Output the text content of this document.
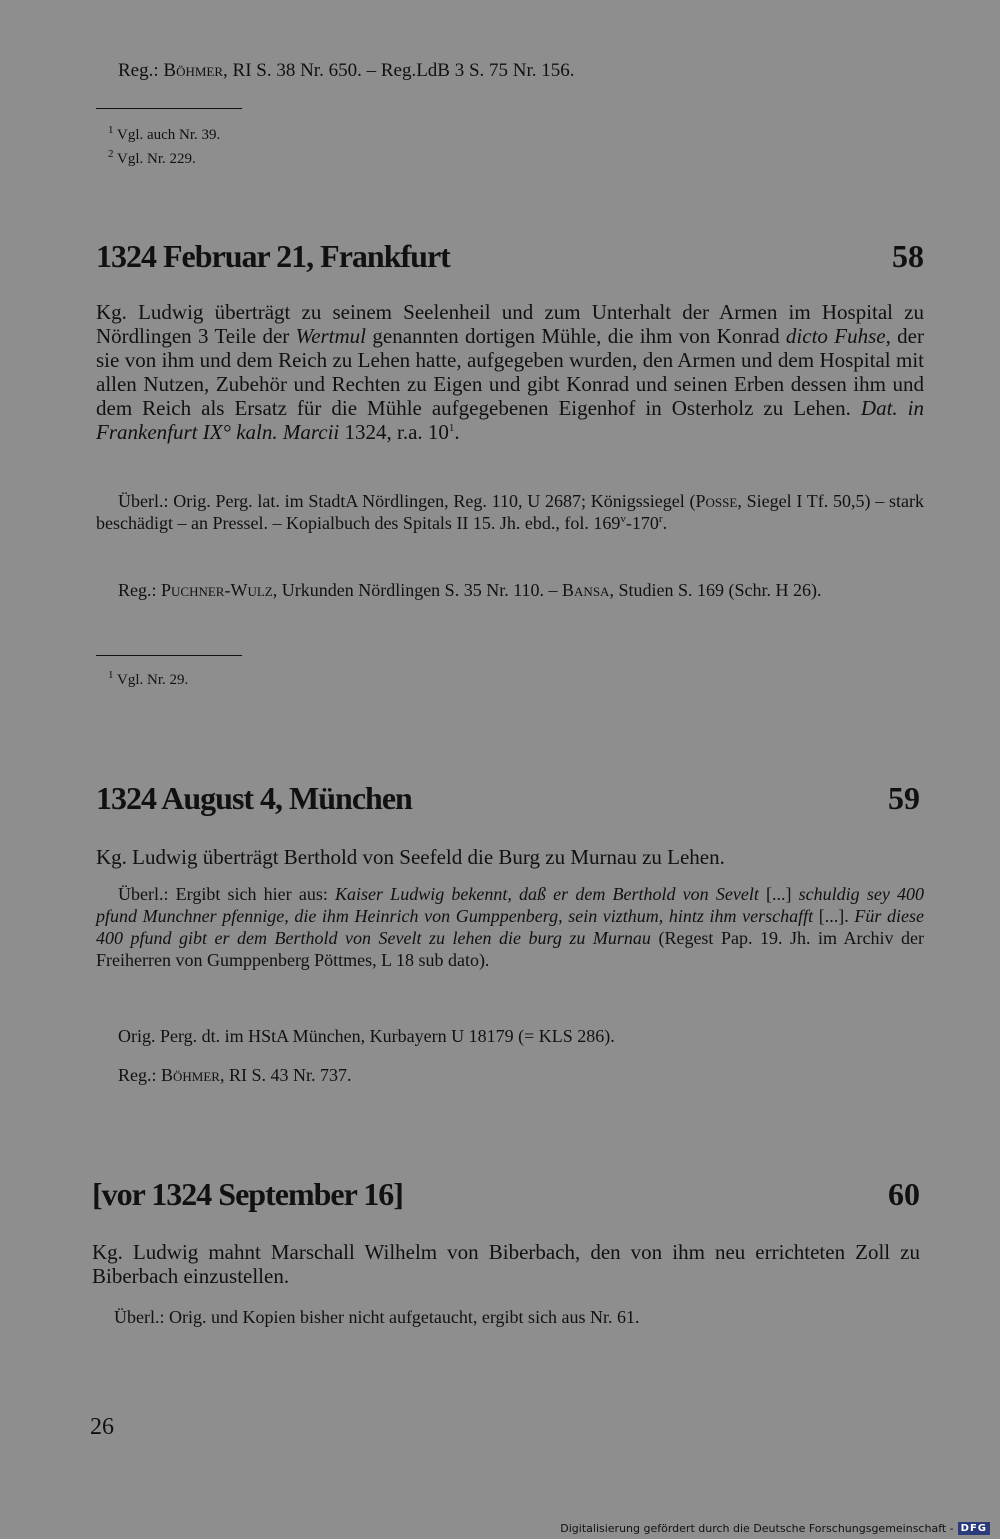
Reg.: Böhmer, RI S. 38 Nr. 650. – Reg.LdB 3 S. 75 Nr. 156.
$^1$ Vgl. auch Nr. 39.
$^2$ Vgl. Nr. 229.
1324 Februar 21, Frankfurt	58
Kg. Ludwig überträgt zu seinem Seelenheil und zum Unterhalt der Armen im Hospital zu Nördlingen 3 Teile der Wertmul genannten dortigen Mühle, die ihm von Konrad dicto Fuhse, der sie von ihm und dem Reich zu Lehen hatte, aufgegeben wurden, den Armen und dem Hospital mit allen Nutzen, Zubehör und Rechten zu Eigen und gibt Konrad und seinen Erben dessen ihm und dem Reich als Ersatz für die Mühle aufgegebenen Eigenhof in Osterholz zu Lehen. Dat. in Frankenfurt IX° kaln. Marcii 1324, r.a. $10^1$.
Überl.: Orig. Perg. lat. im StadtA Nördlingen, Reg. 110, U 2687; Königssiegel (Posse, Siegel I Tf. 50,5) – stark beschädigt – an Pressel. – Kopialbuch des Spitals II 15. Jh. ebd., fol. 169$^v$-170$^r$.
Reg.: Puchner-Wulz, Urkunden Nördlingen S. 35 Nr. 110. – Bansa, Studien S. 169 (Schr. H 26).
$^1$ Vgl. Nr. 29.
1324 August 4, München	59
Kg. Ludwig überträgt Berthold von Seefeld die Burg zu Murnau zu Lehen.
Überl.: Ergibt sich hier aus: Kaiser Ludwig bekennt, daß er dem Berthold von Sevelt [...] schuldig sey 400 pfund Munchner pfennige, die ihm Heinrich von Gumppenberg, sein vizthum, hintz ihm verschafft [...]. Für diese 400 pfund gibt er dem Berthold von Sevelt zu lehen die burg zu Murnau (Regest Pap. 19. Jh. im Archiv der Freiherren von Gumppenberg Pöttmes, L 18 sub dato).
Orig. Perg. dt. im HStA München, Kurbayern U 18179 (= KLS 286).
Reg.: Böhmer, RI S. 43 Nr. 737.
[vor 1324 September 16]	60
Kg. Ludwig mahnt Marschall Wilhelm von Biberbach, den von ihm neu errichteten Zoll zu Biberbach einzustellen.
Überl.: Orig. und Kopien bisher nicht aufgetaucht, ergibt sich aus Nr. 61.
26
Digitalisierung gefördert durch die Deutsche Forschungsgemeinschaft - DFG
